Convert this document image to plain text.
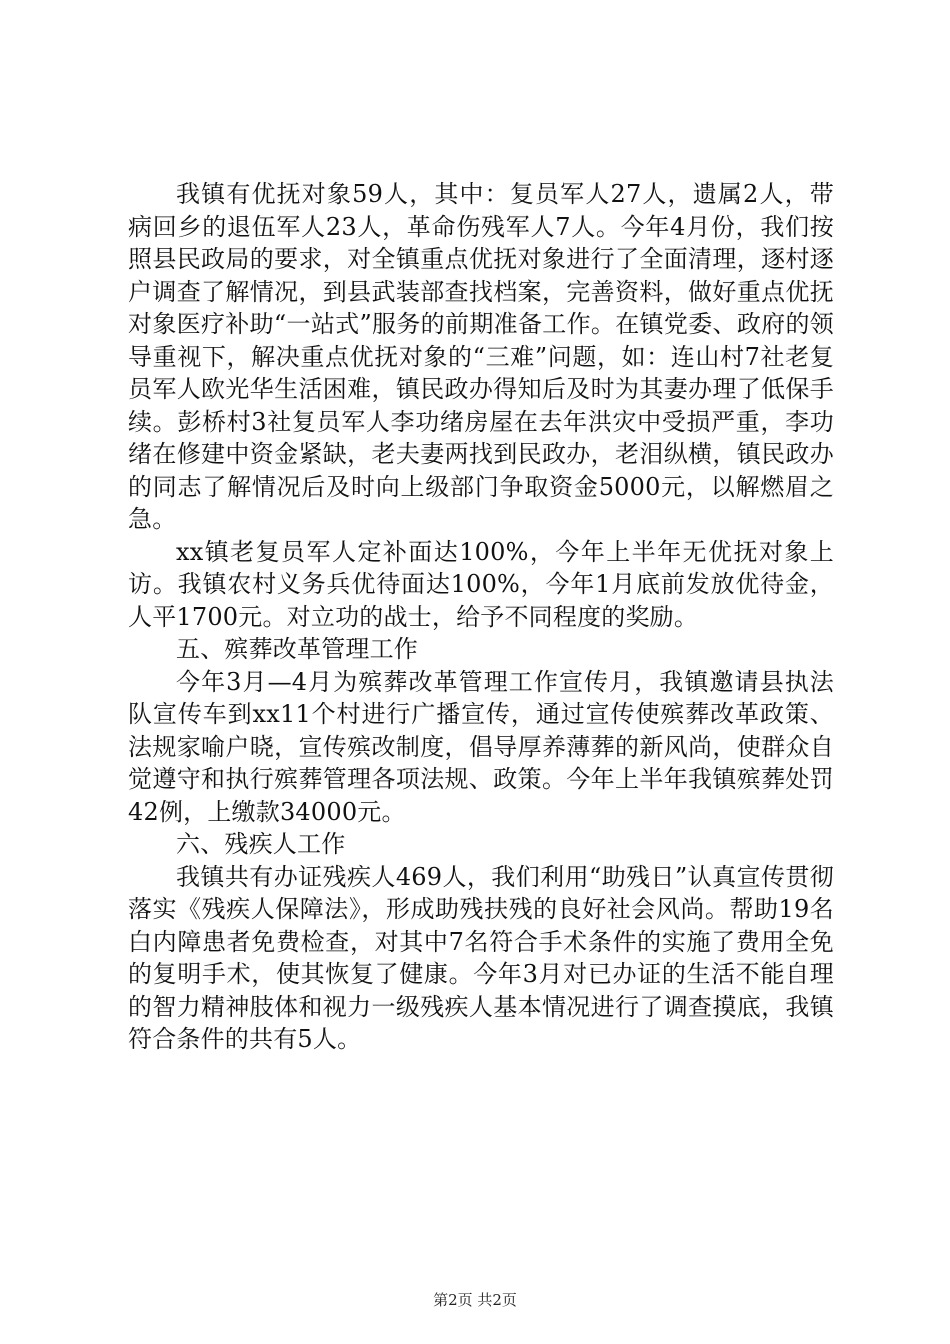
我镇有优抚对象59人，其中：复员军人27人，遗属2人，带病回乡的退伍军人23人，革命伤残军人7人。今年4月份，我们按照县民政局的要求，对全镇重点优抚对象进行了全面清理，逐村逐户调查了解情况，到县武装部查找档案，完善资料，做好重点优抚对象医疗补助“一站式”服务的前期准备工作。在镇党委、政府的领导重视下，解决重点优抚对象的“三难”问题，如：连山村7社老复员军人欧光华生活困难，镇民政办得知后及时为其妻办理了低保手续。彭桥村3社复员军人李功绪房屋在去年洪灾中受损严重，李功绪在修建中资金紧缺，老夫妻两找到民政办，老泪纵横，镇民政办的同志了解情况后及时向上级部门争取资金5000元，以解燃眉之急。

xx镇老复员军人定补面达100%，今年上半年无优抚对象上访。我镇农村义务兵优待面达100%，今年1月底前发放优待金，人平1700元。对立功的战士，给予不同程度的奖励。

五、殡葬改革管理工作

今年3月—4月为殡葬改革管理工作宣传月，我镇邀请县执法队宣传车到xx11个村进行广播宣传，通过宣传使殡葬改革政策、法规家喻户晓，宣传殡改制度，倡导厚养薄葬的新风尚，使群众自觉遵守和执行殡葬管理各项法规、政策。今年上半年我镇殡葬处罚42例，上缴款34000元。

六、残疾人工作

我镇共有办证残疾人469人，我们利用“助残日”认真宣传贯彻落实《残疾人保障法》，形成助残扶残的良好社会风尚。帮助19名白内障患者免费检查，对其中7名符合手术条件的实施了费用全免的复明手术，使其恢复了健康。今年3月对已办证的生活不能自理的智力精神肢体和视力一级残疾人基本情况进行了调查摸底，我镇符合条件的共有5人。

第2页 共2页
